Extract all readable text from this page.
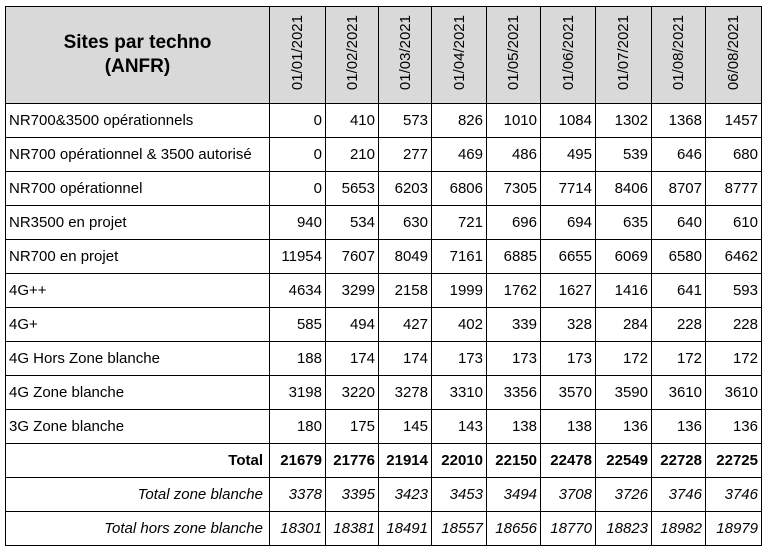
Sites par techno
(ANFR)	01/01/2021	01/02/2021	01/03/2021	01/04/2021	01/05/2021	01/06/2021	01/07/2021	01/08/2021	06/08/2021
NR700&3500 opérationnels	0	410	573	826	1010	1084	1302	1368	1457
NR700 opérationnel & 3500 autorisé	0	210	277	469	486	495	539	646	680
NR700 opérationnel	0	5653	6203	6806	7305	7714	8406	8707	8777
NR3500 en projet	940	534	630	721	696	694	635	640	610
NR700 en projet	11954	7607	8049	7161	6885	6655	6069	6580	6462
4G++	4634	3299	2158	1999	1762	1627	1416	641	593
4G+	585	494	427	402	339	328	284	228	228
4G Hors Zone blanche	188	174	174	173	173	173	172	172	172
4G Zone blanche	3198	3220	3278	3310	3356	3570	3590	3610	3610
3G Zone blanche	180	175	145	143	138	138	136	136	136
Total	21679	21776	21914	22010	22150	22478	22549	22728	22725
Total zone blanche	3378	3395	3423	3453	3494	3708	3726	3746	3746
Total hors zone blanche	18301	18381	18491	18557	18656	18770	18823	18982	18979
